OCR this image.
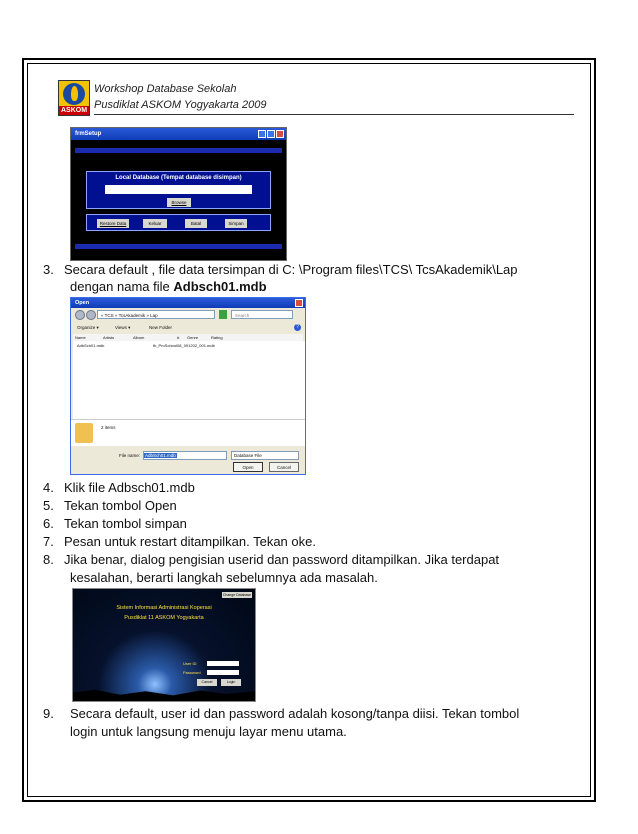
ASKOM
Workshop Database Sekolah
Pusdiklat ASKOM Yogyakarta 2009
frmSetup
Local Database (Tempat database disimpan)
Browse
Restore Data	Keluar	Batal	Simpan
3. Secara default , file data tersimpan di C: \Program files\TCS\ TcsAkademik\Lap
dengan nama file Adbsch01.mdb
Open
« TCS » TcsAkademik » Lap	Search
Organize ▾	Views ▾	New Folder	?
Name	Artists	Album	# Genre	Rating
AdbSch01.mdb	tb_ProSchool08_091202_001.mdb
2 items
File name:	AdbSch01.mdb	Database File
Open	Cancel
4. Klik file Adbsch01.mdb
5. Tekan tombol Open
6. Tekan tombol simpan
7. Pesan untuk restart ditampilkan. Tekan oke.
8. Jika benar, dialog pengisian userid dan password ditampilkan. Jika terdapat
kesalahan, berarti langkah sebelumnya ada masalah.
Change Database
Sistem Informasi Administrasi Koperasi
Pusdiklat 11 ASKOM Yogyakarta
User ID
Password
Cancel	Login
9. Secara default, user id dan password adalah kosong/tanpa diisi. Tekan tombol
login untuk langsung menuju layar menu utama.
